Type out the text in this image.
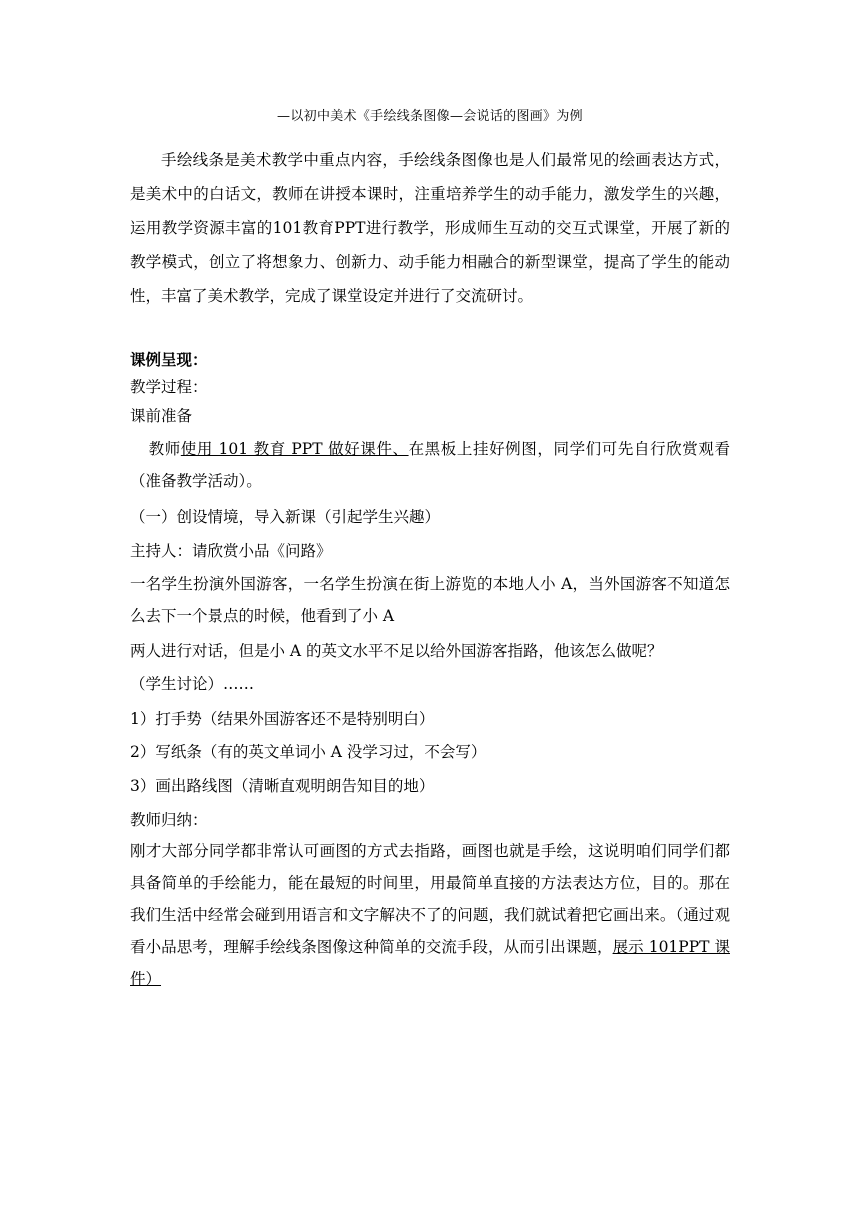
—以初中美术《手绘线条图像—会说话的图画》为例

手绘线条是美术教学中重点内容，手绘线条图像也是人们最常见的绘画表达方式，是美术中的白话文，教师在讲授本课时，注重培养学生的动手能力，激发学生的兴趣，运用教学资源丰富的101教育PPT进行教学，形成师生互动的交互式课堂，开展了新的教学模式，创立了将想象力、创新力、动手能力相融合的新型课堂，提高了学生的能动性，丰富了美术教学，完成了课堂设定并进行了交流研讨。

课例呈现：
教学过程：
课前准备

教师使用 101 教育 PPT 做好课件、在黑板上挂好例图，同学们可先自行欣赏观看（准备教学活动）。

（一）创设情境，导入新课（引起学生兴趣）
主持人：请欣赏小品《问路》

一名学生扮演外国游客，一名学生扮演在街上游览的本地人小 A，当外国游客不知道怎么去下一个景点的时候，他看到了小 A

两人进行对话，但是小 A 的英文水平不足以给外国游客指路，他该怎么做呢？
（学生讨论）……
1）打手势（结果外国游客还不是特别明白）
2）写纸条（有的英文单词小 A 没学习过，不会写）
3）画出路线图（清晰直观明朗告知目的地）
教师归纳：

刚才大部分同学都非常认可画图的方式去指路，画图也就是手绘，这说明咱们同学们都具备简单的手绘能力，能在最短的时间里，用最简单直接的方法表达方位，目的。那在我们生活中经常会碰到用语言和文字解决不了的问题，我们就试着把它画出来。（通过观看小品思考，理解手绘线条图像这种简单的交流手段，从而引出课题，展示 101PPT 课件）
